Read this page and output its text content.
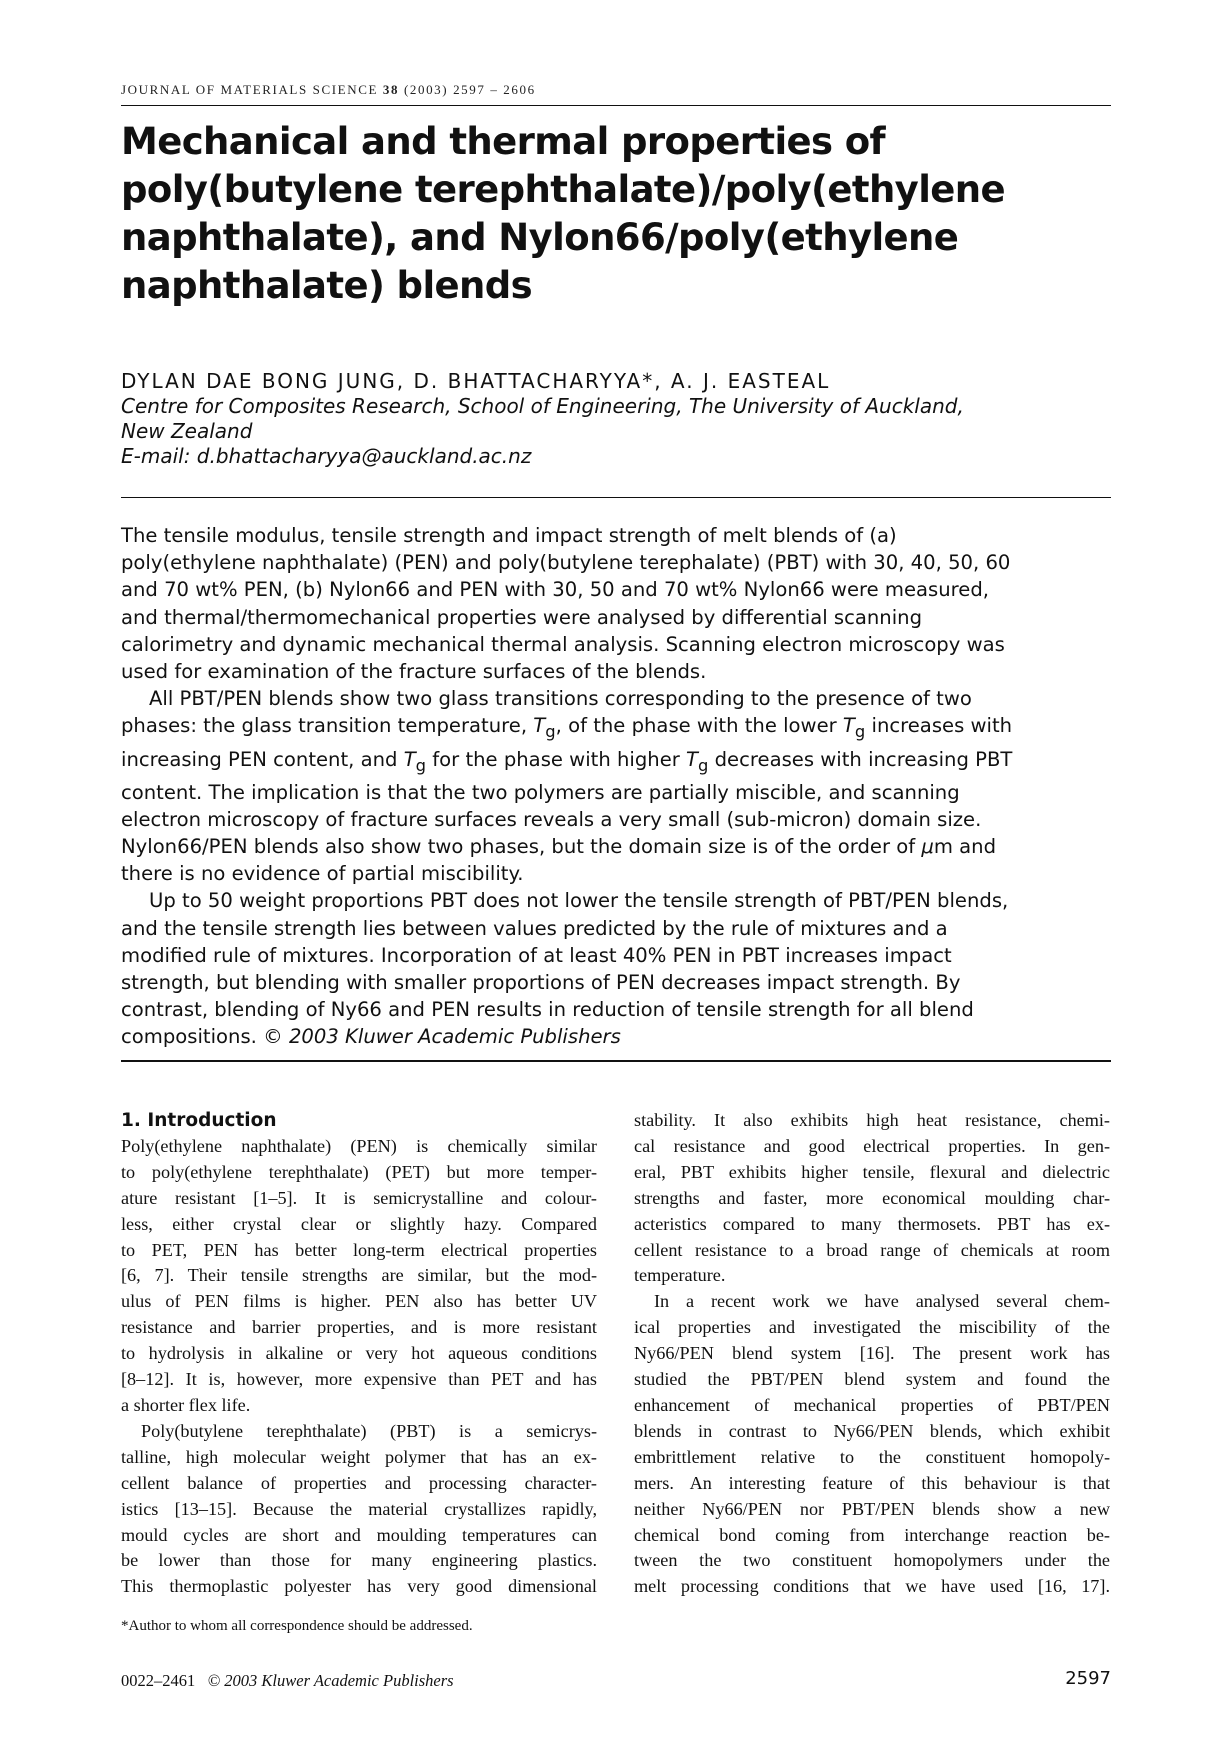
JOURNAL OF MATERIALS SCIENCE 38 (2003) 2597 – 2606
Mechanical and thermal properties of
poly(butylene terephthalate)/poly(ethylene
naphthalate), and Nylon66/poly(ethylene
naphthalate) blends
DYLAN DAE BONG JUNG, D. BHATTACHARYYA*, A. J. EASTEAL
Centre for Composites Research, School of Engineering, The University of Auckland,
New Zealand
E-mail: d.bhattacharyya@auckland.ac.nz
The tensile modulus, tensile strength and impact strength of melt blends of (a)
poly(ethylene naphthalate) (PEN) and poly(butylene terephalate) (PBT) with 30, 40, 50, 60
and 70 wt% PEN, (b) Nylon66 and PEN with 30, 50 and 70 wt% Nylon66 were measured,
and thermal/thermomechanical properties were analysed by differential scanning
calorimetry and dynamic mechanical thermal analysis. Scanning electron microscopy was
used for examination of the fracture surfaces of the blends.
All PBT/PEN blends show two glass transitions corresponding to the presence of two
phases: the glass transition temperature, $T_g$, of the phase with the lower $T_g$ increases with
increasing PEN content, and $T_g$ for the phase with higher $T_g$ decreases with increasing PBT
content. The implication is that the two polymers are partially miscible, and scanning
electron microscopy of fracture surfaces reveals a very small (sub-micron) domain size.
Nylon66/PEN blends also show two phases, but the domain size is of the order of μm and
there is no evidence of partial miscibility.
Up to 50 weight proportions PBT does not lower the tensile strength of PBT/PEN blends,
and the tensile strength lies between values predicted by the rule of mixtures and a
modified rule of mixtures. Incorporation of at least 40% PEN in PBT increases impact
strength, but blending with smaller proportions of PEN decreases impact strength. By
contrast, blending of Ny66 and PEN results in reduction of tensile strength for all blend
compositions. © 2003 Kluwer Academic Publishers
1. Introduction
Poly(ethylene naphthalate) (PEN) is chemically similar
to poly(ethylene terephthalate) (PET) but more temper-
ature resistant [1–5]. It is semicrystalline and colour-
less, either crystal clear or slightly hazy. Compared
to PET, PEN has better long-term electrical properties
[6, 7]. Their tensile strengths are similar, but the mod-
ulus of PEN films is higher. PEN also has better UV
resistance and barrier properties, and is more resistant
to hydrolysis in alkaline or very hot aqueous conditions
[8–12]. It is, however, more expensive than PET and has
a shorter flex life.
Poly(butylene terephthalate) (PBT) is a semicrys-
talline, high molecular weight polymer that has an ex-
cellent balance of properties and processing character-
istics [13–15]. Because the material crystallizes rapidly,
mould cycles are short and moulding temperatures can
be lower than those for many engineering plastics.
This thermoplastic polyester has very good dimensional
stability. It also exhibits high heat resistance, chemi-
cal resistance and good electrical properties. In gen-
eral, PBT exhibits higher tensile, flexural and dielectric
strengths and faster, more economical moulding char-
acteristics compared to many thermosets. PBT has ex-
cellent resistance to a broad range of chemicals at room
temperature.
In a recent work we have analysed several chem-
ical properties and investigated the miscibility of the
Ny66/PEN blend system [16]. The present work has
studied the PBT/PEN blend system and found the
enhancement of mechanical properties of PBT/PEN
blends in contrast to Ny66/PEN blends, which exhibit
embrittlement relative to the constituent homopoly-
mers. An interesting feature of this behaviour is that
neither Ny66/PEN nor PBT/PEN blends show a new
chemical bond coming from interchange reaction be-
tween the two constituent homopolymers under the
melt processing conditions that we have used [16, 17].
*Author to whom all correspondence should be addressed.
0022–2461 © 2003 Kluwer Academic Publishers	2597
